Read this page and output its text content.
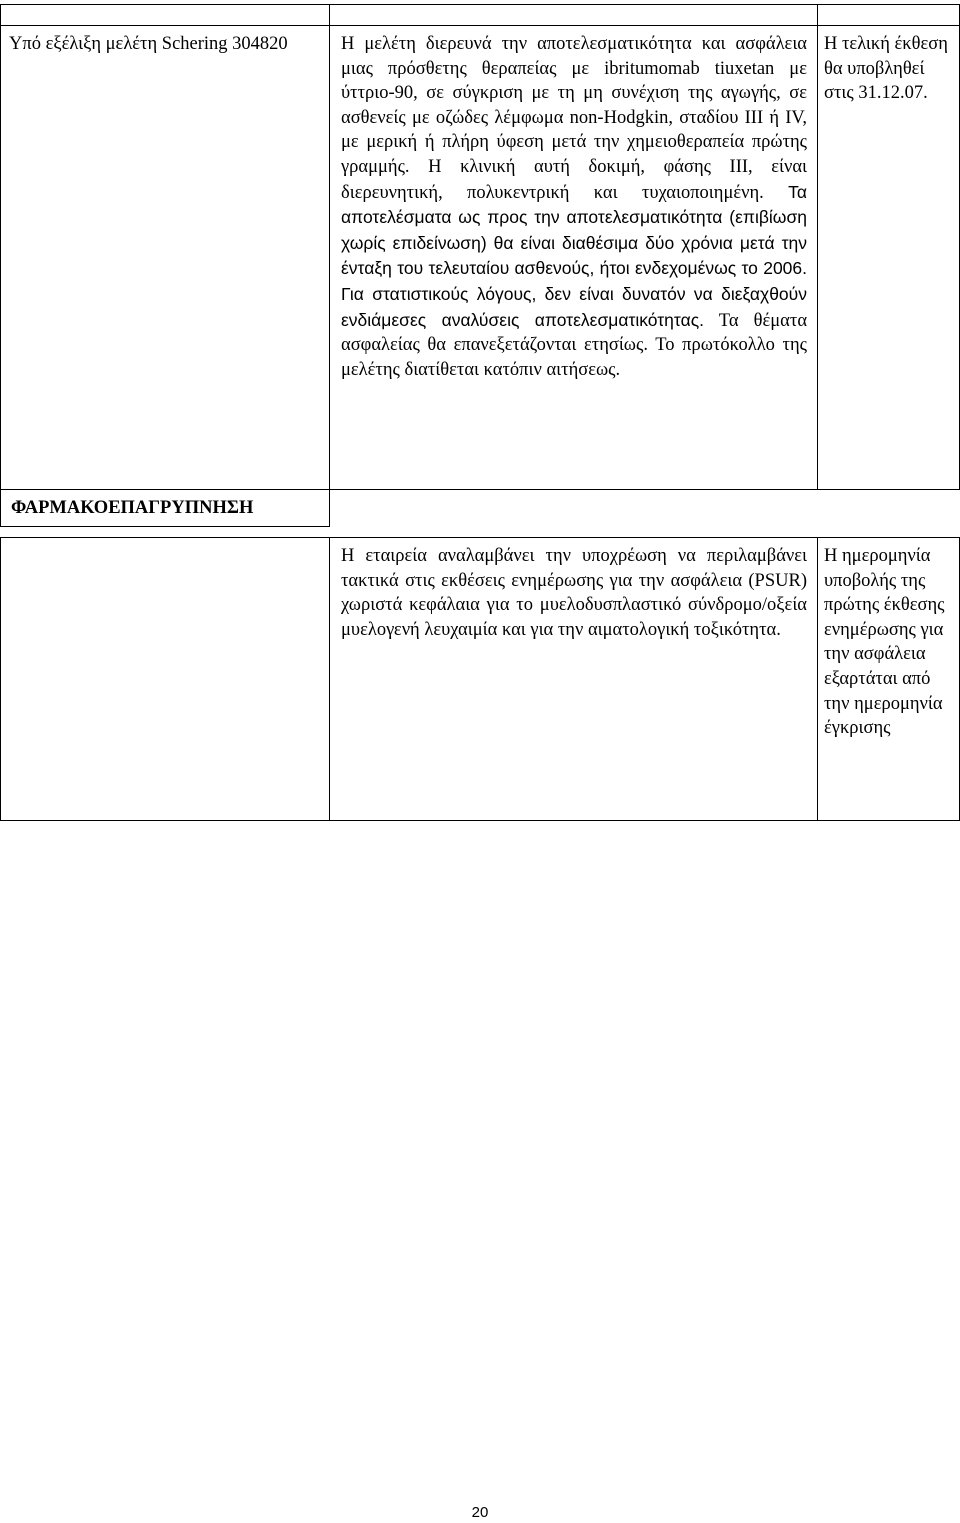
Υπό εξέλιξη μελέτη Schering 304820	Η μελέτη διερευνά την αποτελεσματικότητα και ασφάλεια μιας πρόσθετης θεραπείας με ibritumomab tiuxetan με ύττριο-90, σε σύγκριση με τη μη συνέχιση της αγωγής, σε ασθενείς με οζώδες λέμφωμα non-Hodgkin, σταδίου ΙΙΙ ή IV, με μερική ή πλήρη ύφεση μετά την χημειοθεραπεία πρώτης γραμμής. Η κλινική αυτή δοκιμή, φάσης ΙΙΙ, είναι διερευνητική, πολυκεντρική και τυχαιοποιημένη. Τα αποτελέσματα ως προς την αποτελεσματικότητα (επιβίωση χωρίς επιδείνωση) θα είναι διαθέσιμα δύο χρόνια μετά την ένταξη του τελευταίου ασθενούς, ήτοι ενδεχομένως το 2006. Για στατιστικούς λόγους, δεν είναι δυνατόν να διεξαχθούν ενδιάμεσες αναλύσεις αποτελεσματικότητας. Τα θέματα ασφαλείας θα επανεξετάζονται ετησίως. Το πρωτόκολλο της μελέτης διατίθεται κατόπιν αιτήσεως.	Η τελική έκθεση θα υποβληθεί στις 31.12.07.

ΦΑΡΜΑΚΟΕΠΑΓΡΥΠΝΗΣΗ		

	Η εταιρεία αναλαμβάνει την υποχρέωση να περιλαμβάνει τακτικά στις εκθέσεις ενημέρωσης για την ασφάλεια (PSUR) χωριστά κεφάλαια για το μυελοδυσπλαστικό σύνδρομο/οξεία μυελογενή λευχαιμία και για την αιματολογική τοξικότητα.	Η ημερομηνία υποβολής της πρώτης έκθεσης ενημέρωσης για την ασφάλεια εξαρτάται από την ημερομηνία έγκρισης
20
